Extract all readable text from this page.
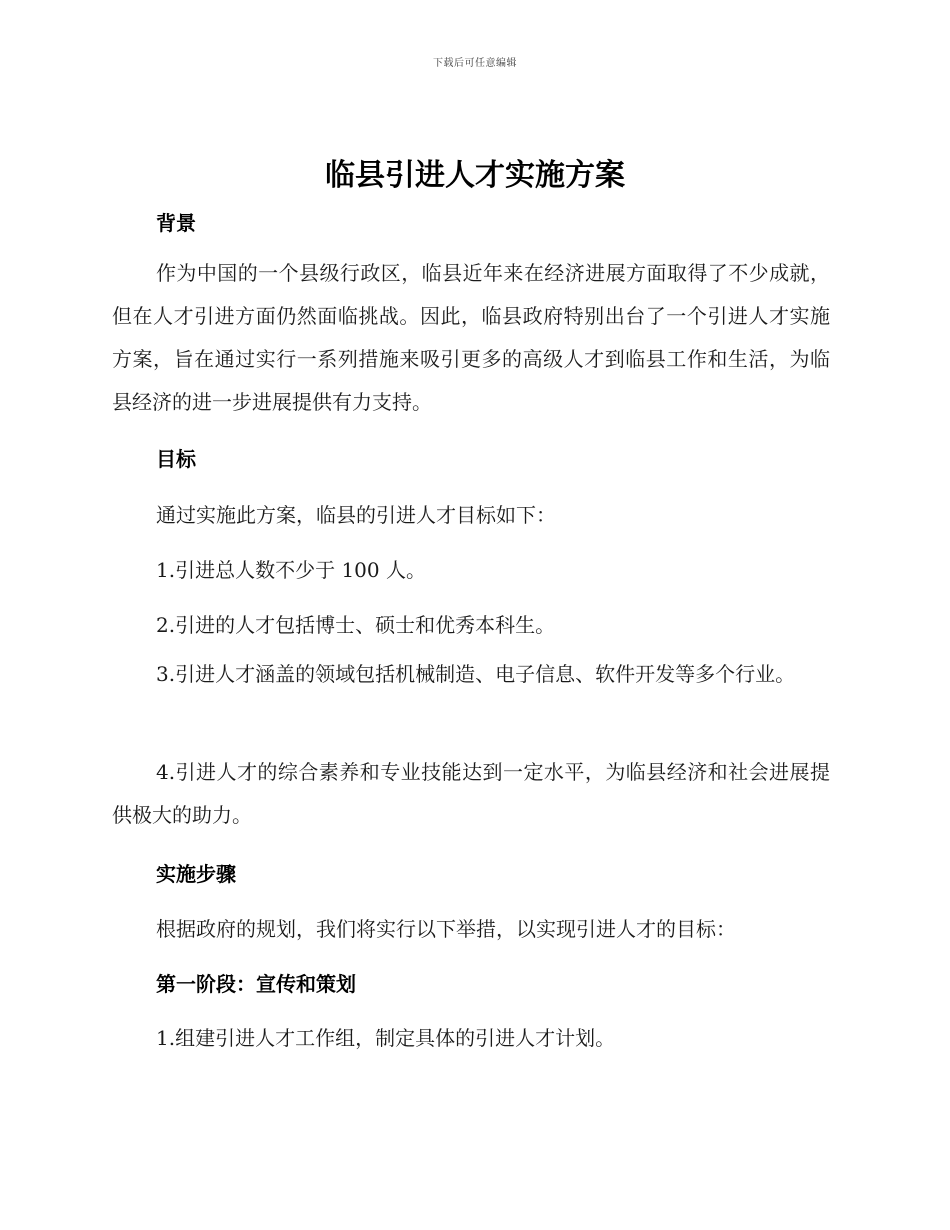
下载后可任意编辑
临县引进人才实施方案
背景

作为中国的一个县级行政区，临县近年来在经济进展方面取得了不少成就，但在人才引进方面仍然面临挑战。因此，临县政府特别出台了一个引进人才实施方案，旨在通过实行一系列措施来吸引更多的高级人才到临县工作和生活，为临县经济的进一步进展提供有力支持。

目标

通过实施此方案，临县的引进人才目标如下：

1.引进总人数不少于 100 人。

2.引进的人才包括博士、硕士和优秀本科生。

3.引进人才涵盖的领域包括机械制造、电子信息、软件开发等多个行业。

4.引进人才的综合素养和专业技能达到一定水平，为临县经济和社会进展提供极大的助力。

实施步骤

根据政府的规划，我们将实行以下举措，以实现引进人才的目标：

第一阶段：宣传和策划

1.组建引进人才工作组，制定具体的引进人才计划。
